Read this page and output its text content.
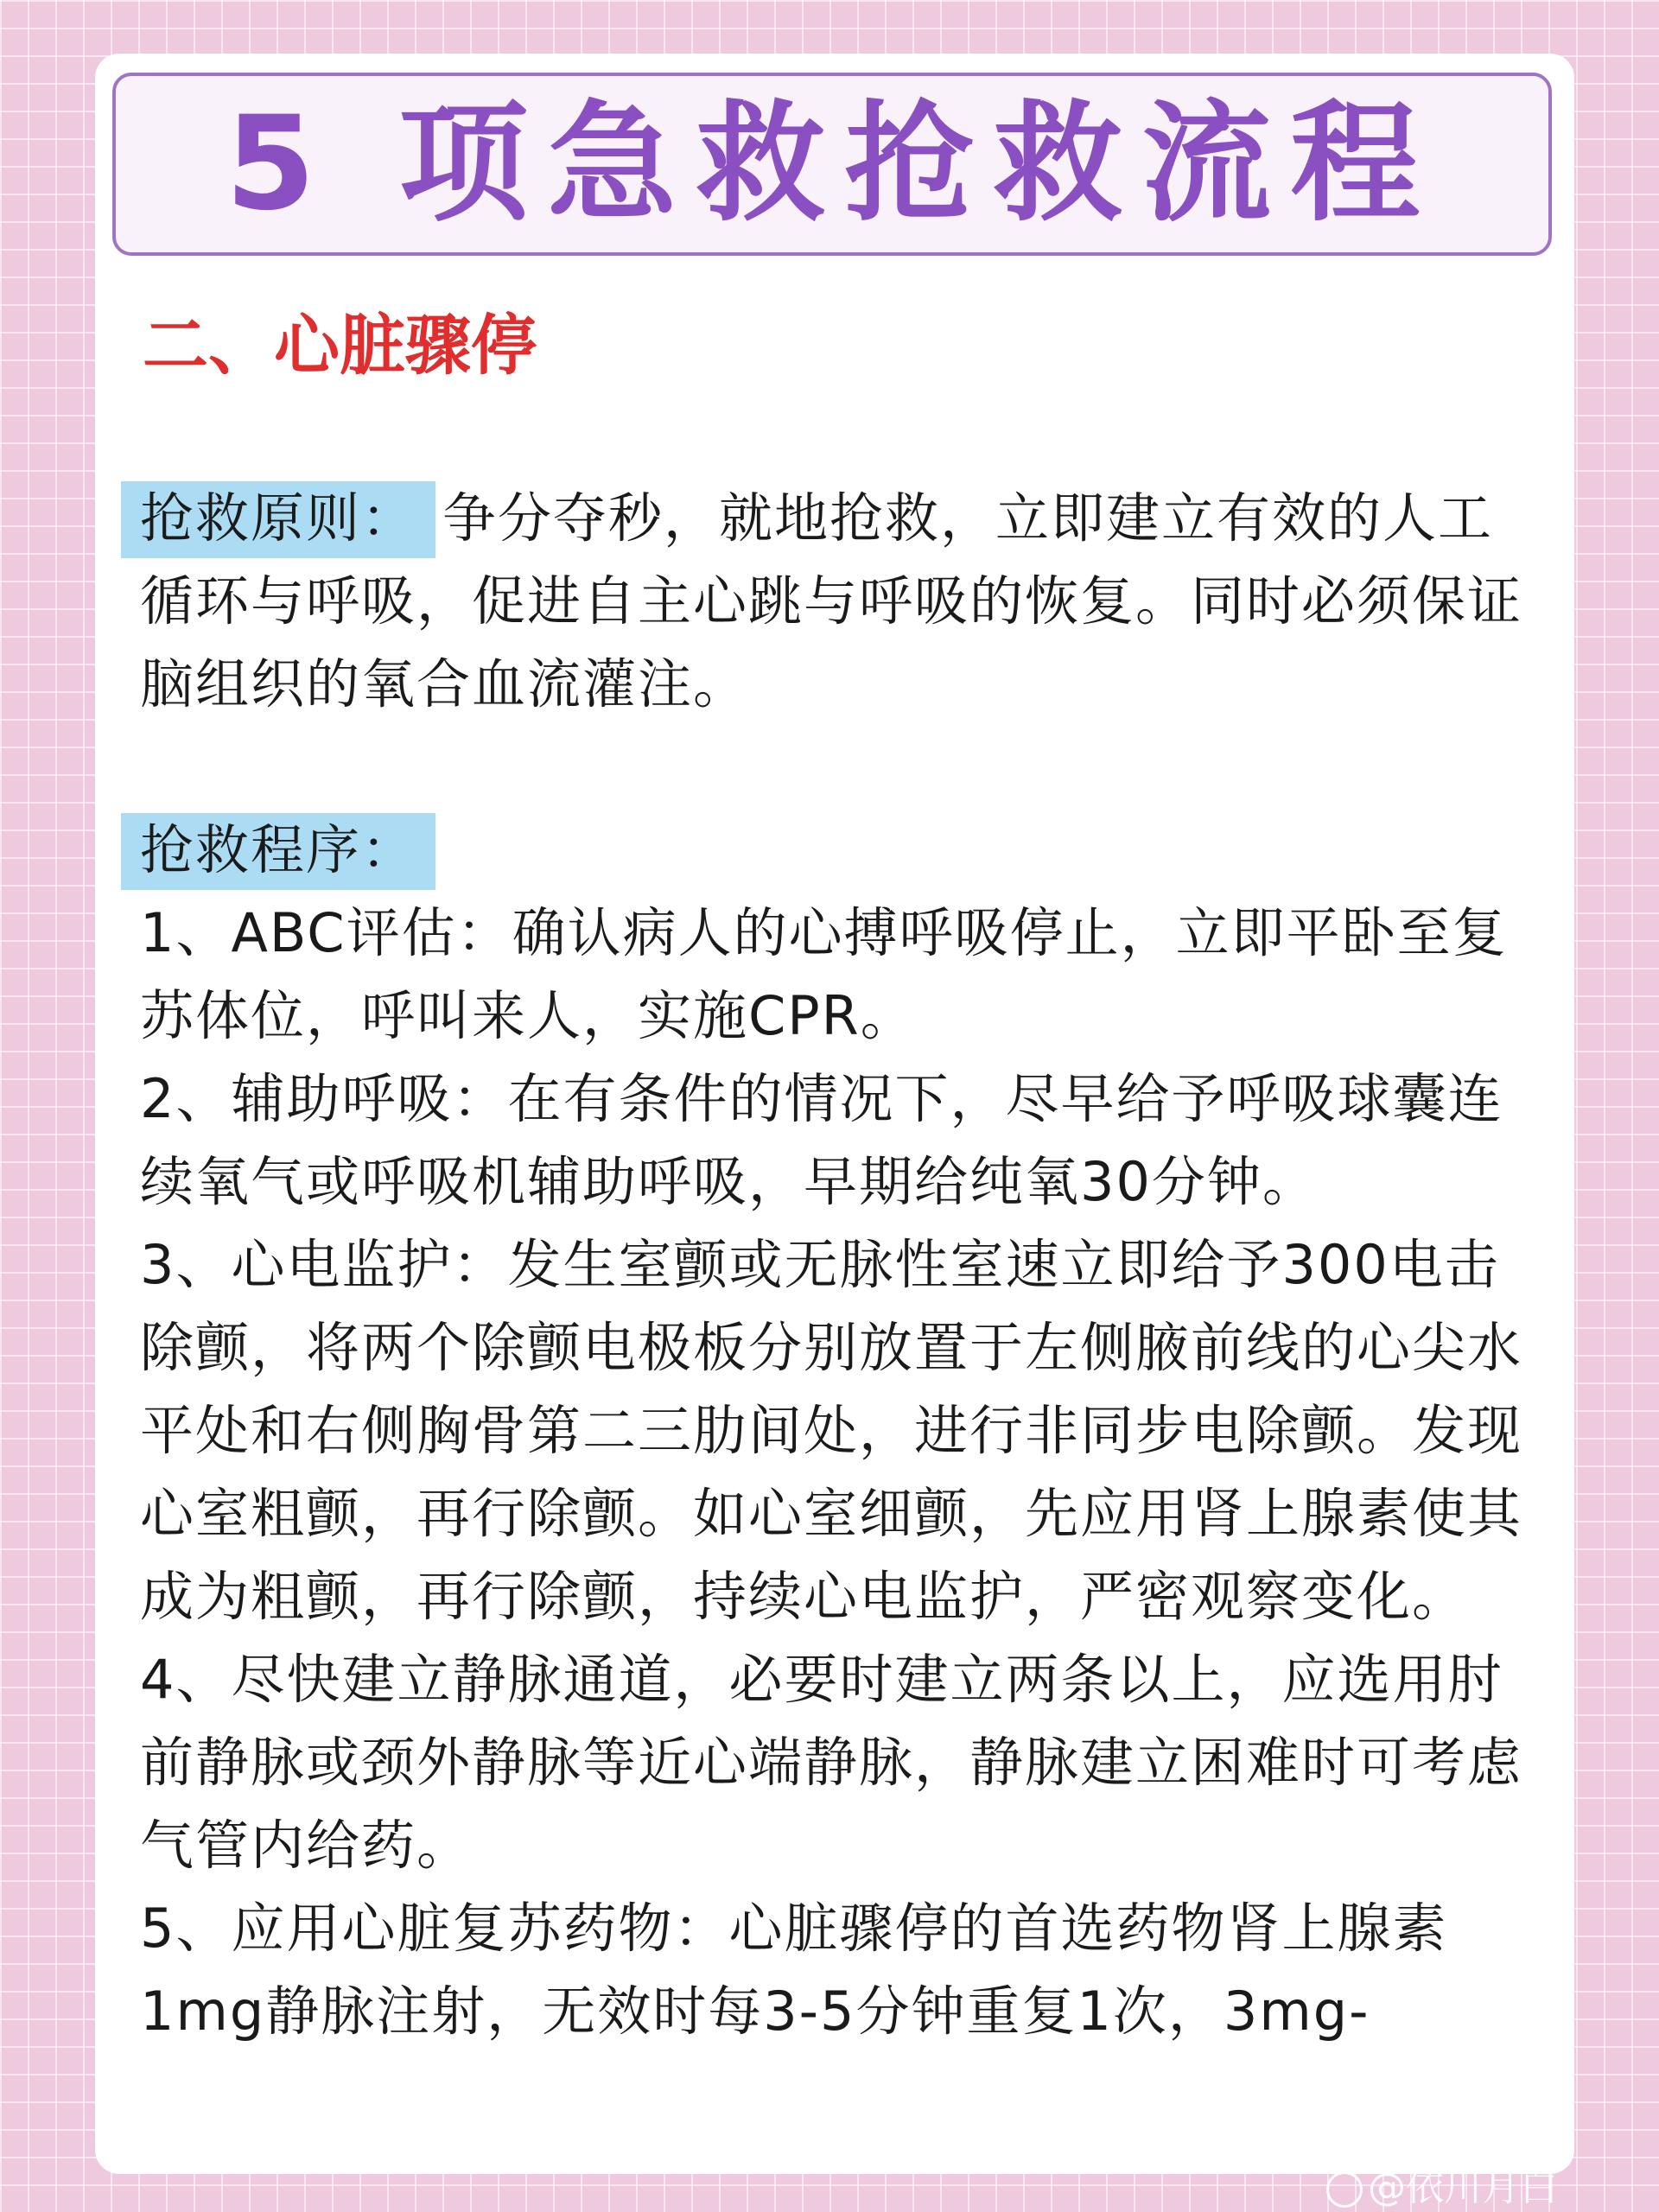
5 项急救抢救流程
二、心脏骤停

抢救原则： 争分夺秒，就地抢救，立即建立有效的人工循环与呼吸，促进自主心跳与呼吸的恢复。同时必须保证脑组织的氧合血流灌注。

抢救程序：

1、ABC评估：确认病人的心搏呼吸停止，立即平卧至复苏体位，呼叫来人，实施CPR。

2、辅助呼吸：在有条件的情况下，尽早给予呼吸球囊连续氧气或呼吸机辅助呼吸，早期给纯氧30分钟。

3、心电监护：发生室颤或无脉性室速立即给予300电击除颤，将两个除颤电极板分别放置于左侧腋前线的心尖水平处和右侧胸骨第二三肋间处，进行非同步电除颤。发现心室粗颤，再行除颤。如心室细颤，先应用肾上腺素使其成为粗颤，再行除颤，持续心电监护，严密观察变化。

4、尽快建立静脉通道，必要时建立两条以上，应选用肘前静脉或颈外静脉等近心端静脉，静脉建立困难时可考虑气管内给药。

5、应用心脏复苏药物：心脏骤停的首选药物肾上腺素1mg静脉注射，无效时每3-5分钟重复1次，3mg-

@依川月白
